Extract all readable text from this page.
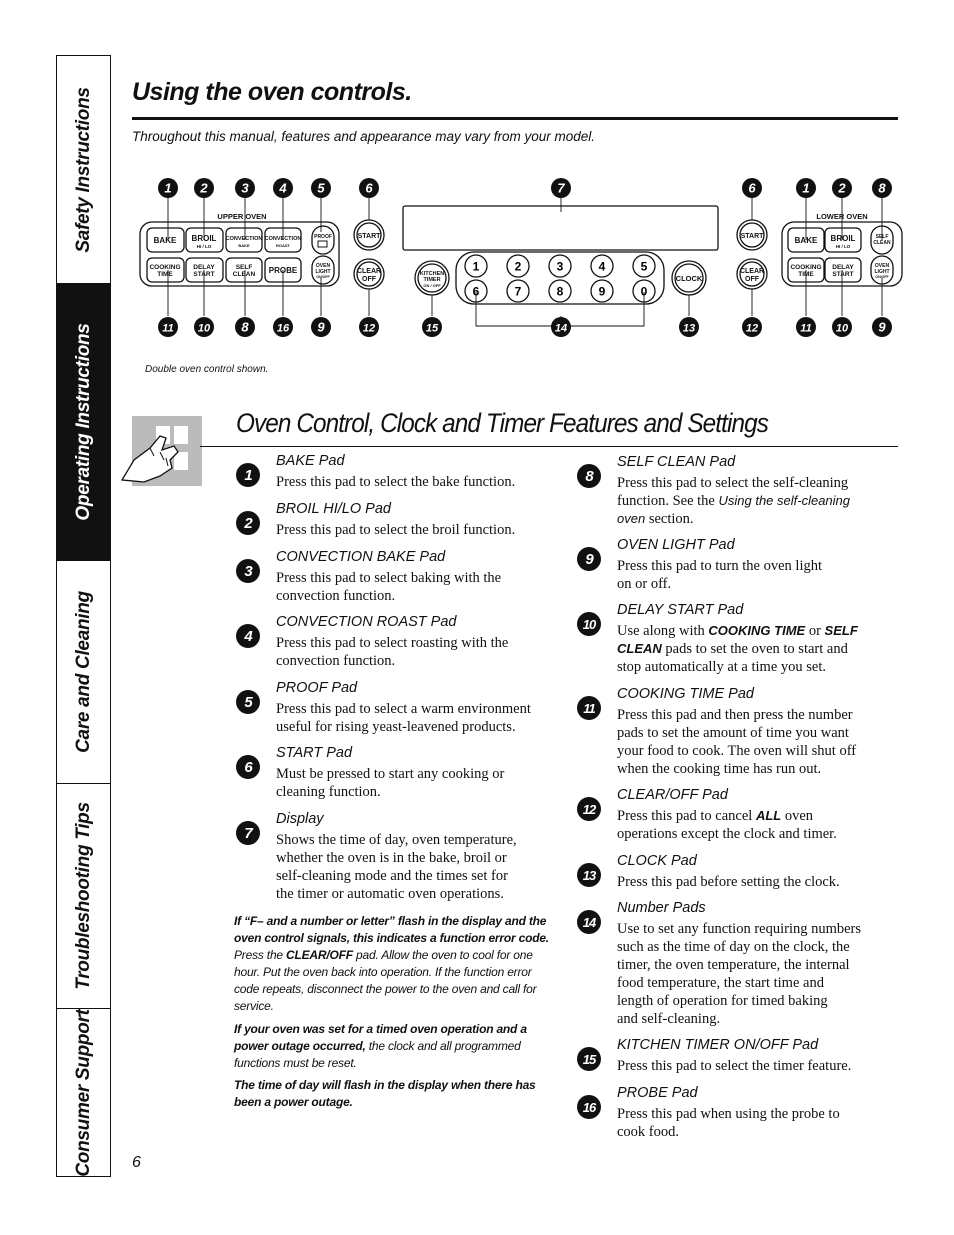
Safety Instructions
Operating Instructions
Care and Cleaning
Troubleshooting Tips
Consumer Support
Using the oven controls.
Throughout this manual, features and appearance may vary from your model.
1	2	3	4	5
6	7	8	9	0
UPPER OVEN	LOWER OVEN
BAKE BROIL
HI / LO
CONVECTION
BAKE
CONVECTION
ROAST
PROOF
COOKING
TIME
DELAY
START
SELF
CLEAN PROBE	OVEN
LIGHT
ON/OFF
START
CLEAR
OFF
KITCHEN
TIMER
ON / OFF
CLOCK
START
CLEAR
OFF
BAKE BROIL
HI / LO
SELF
CLEAN
COOKING
TIME
DELAY
START
OVEN
LIGHT
ON/OFF
1 2	3 4 5	6	7	6	1 2	8
11 10 8	16 9	12	15	14	13	12	11 10 9
Double oven control shown.
Oven Control, Clock and Timer Features and Settings
1
BAKE Pad
Press this pad to select the bake function.
2
BROIL HI/LO Pad
Press this pad to select the broil function.
3
CONVECTION BAKE Pad
Press this pad to select baking with the
convection function.
4
CONVECTION ROAST Pad
Press this pad to select roasting with the
convection function.
5
PROOF Pad
Press this pad to select a warm environment
useful for rising yeast-leavened products.
6
START Pad
Must be pressed to start any cooking or
cleaning function.
7
Display
Shows the time of day, oven temperature,
whether the oven is in the bake, broil or
self-cleaning mode and the times set for
the timer or automatic oven operations.
If “F– and a number or letter” flash in the display and the oven control signals, this indicates a function error code. Press the CLEAR/OFF pad. Allow the oven to cool for one hour. Put the oven back into operation. If the function error code repeats, disconnect the power to the oven and call for service.
If your oven was set for a timed oven operation and a power outage occurred, the clock and all programmed functions must be reset.
The time of day will flash in the display when there has been a power outage.
8
SELF CLEAN Pad
9
OVEN LIGHT Pad
Press this pad to turn the oven light
on or off.
10
DELAY START Pad
11
COOKING TIME Pad
Press this pad and then press the number
pads to set the amount of time you want
your food to cook. The oven will shut off
when the cooking time has run out.
12
CLEAR/OFF Pad
13
CLOCK Pad
Press this pad before setting the clock.
14
Number Pads
Use to set any function requiring numbers
such as the time of day on the clock, the
timer, the oven temperature, the internal
food temperature, the start time and
length of operation for timed baking
and self-cleaning.
15
KITCHEN TIMER ON/OFF Pad
Press this pad to select the timer feature.
16
PROBE Pad
Press this pad when using the probe to
cook food.
Press this pad to select the self-cleaning
function. See the Using the self-cleaning
oven section.
Use along with COOKING TIME or SELF
CLEAN pads to set the oven to start and
stop automatically at a time you set.
Press this pad to cancel ALL oven
operations except the clock and timer.
6
